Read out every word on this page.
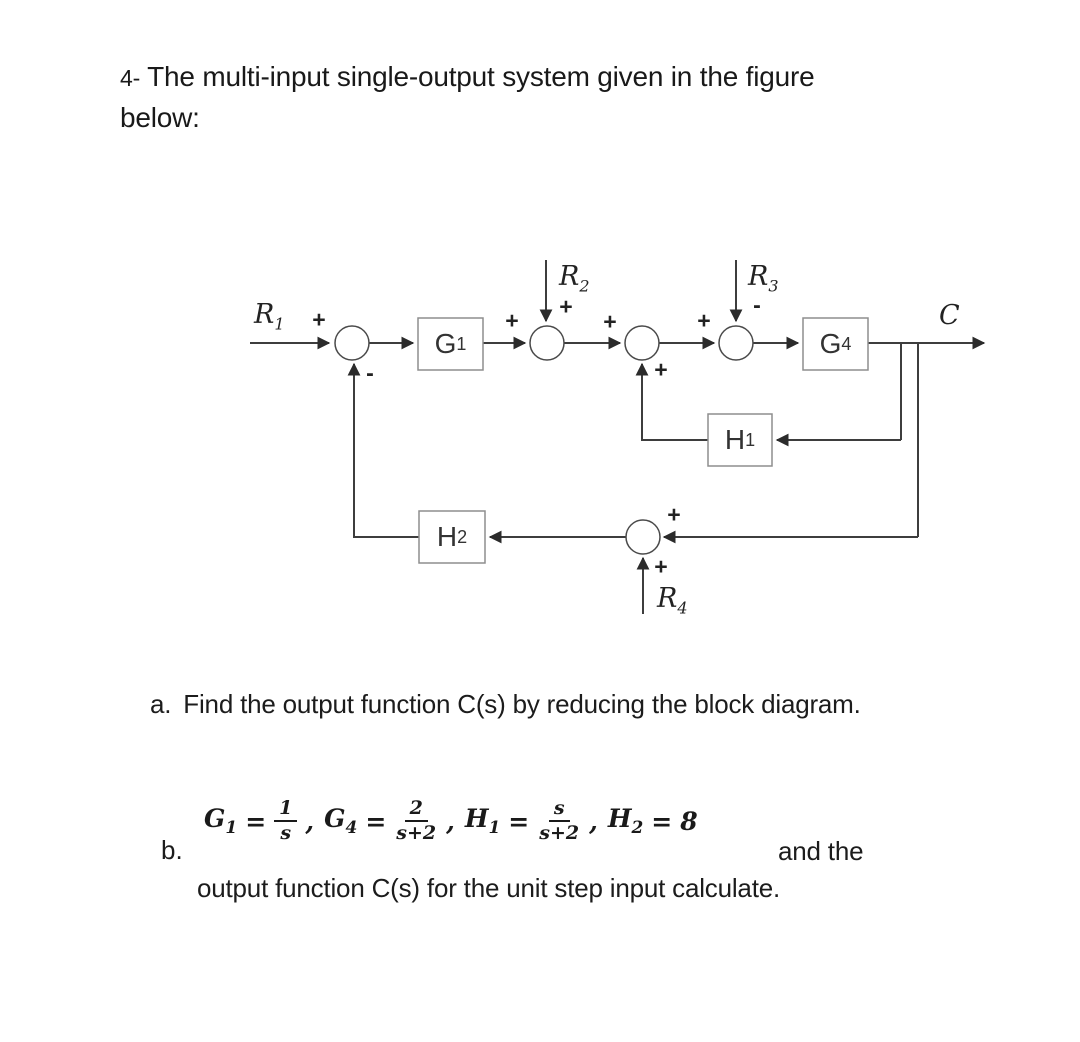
4- The multi-input single-output system given in the figure
below:
$R_1$
$R_2$	$R_3$
$R_4$
C
G 1	G 4
H 1
H 2
+
-
+
+
+
+
+
-
+
+
a. Find the output function C(s) by reducing the block diagram.
b.
$G_1 = \frac{1}{s}$ , $G_4 = \frac{2}{s+2}$ , $H_1 = \frac{s}{s+2}$ , $H_2 = 8$
and the
output function C(s) for the unit step input calculate.
